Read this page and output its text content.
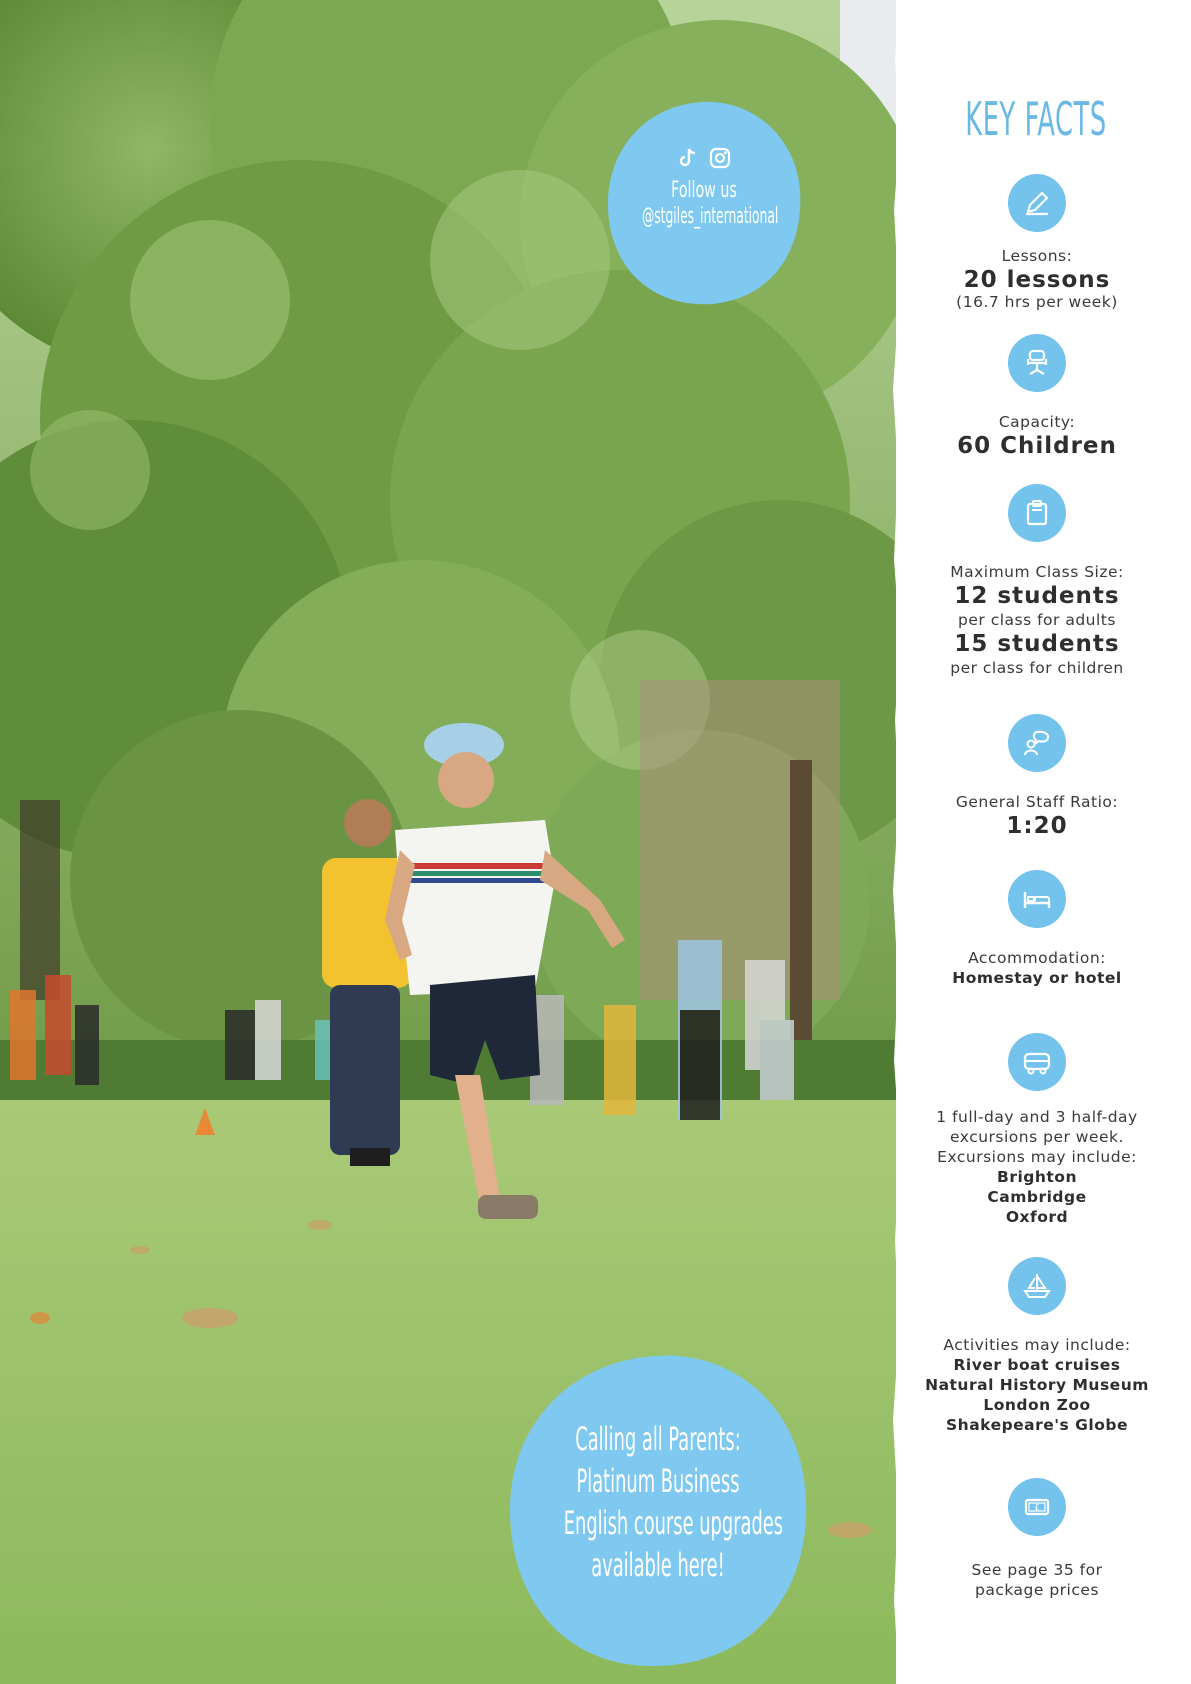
Follow us
@stgiles_international
Calling all Parents:
Platinum Business
English course upgrades
available here!
KEY FACTS
Lessons:
20 lessons
(16.7 hrs per week)
Capacity:
60 Children
Maximum Class Size:
12 students
per class for adults
15 students
per class for children
General Staff Ratio:
1:20
Accommodation:
Homestay or hotel
1 full-day and 3 half-day
excursions per week.
Excursions may include:
Brighton
Cambridge
Oxford
Activities may include:
River boat cruises
Natural History Museum
London Zoo
Shakepeare's Globe
£
See page 35 for
package prices
